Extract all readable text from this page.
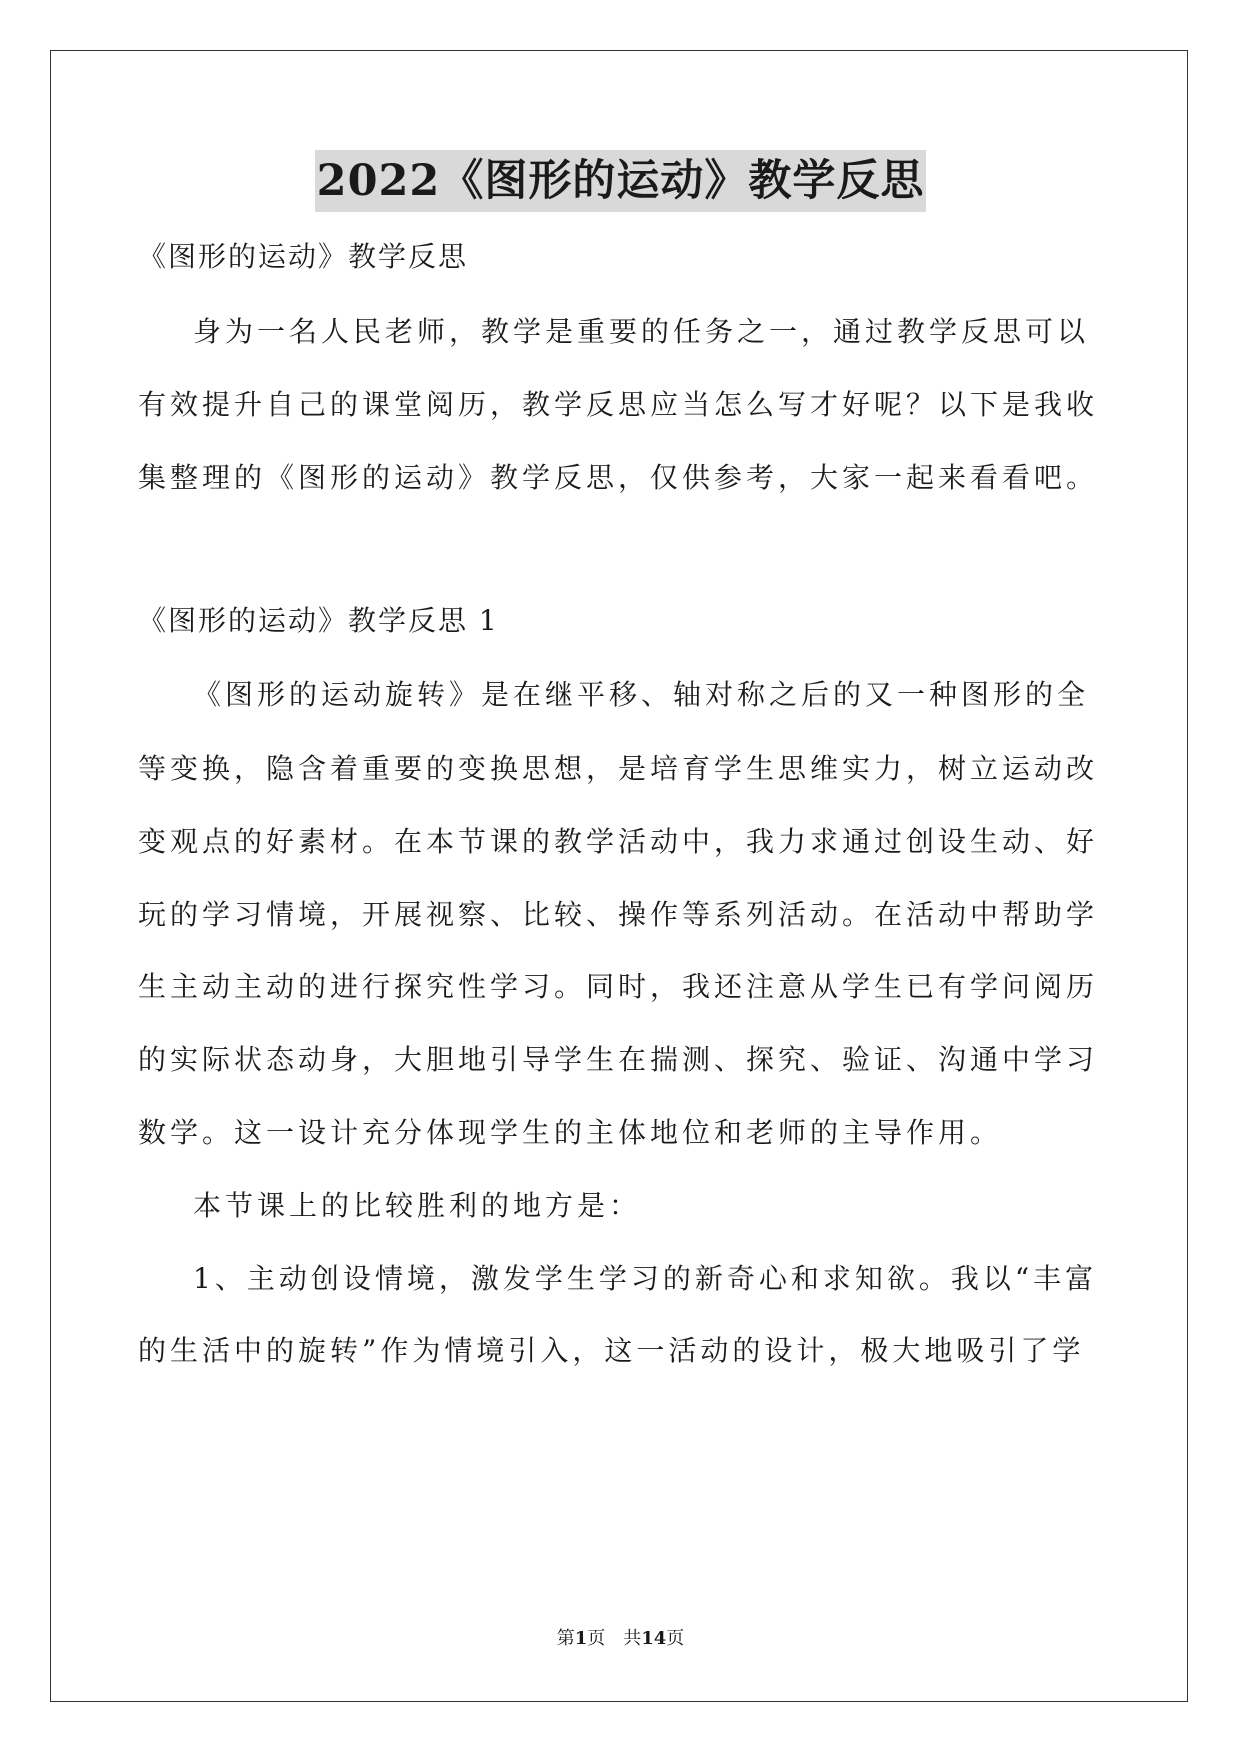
2022《图形的运动》教学反思
《图形的运动》教学反思
身为一名人民老师，教学是重要的任务之一，通过教学反思可以
有效提升自己的课堂阅历，教学反思应当怎么写才好呢？以下是我收
集整理的《图形的运动》教学反思，仅供参考，大家一起来看看吧。
《图形的运动》教学反思 1
《图形的运动旋转》是在继平移、轴对称之后的又一种图形的全
等变换，隐含着重要的变换思想，是培育学生思维实力，树立运动改
变观点的好素材。在本节课的教学活动中，我力求通过创设生动、好
玩的学习情境，开展视察、比较、操作等系列活动。在活动中帮助学
生主动主动的进行探究性学习。同时，我还注意从学生已有学问阅历
的实际状态动身，大胆地引导学生在揣测、探究、验证、沟通中学习
数学。这一设计充分体现学生的主体地位和老师的主导作用。
本节课上的比较胜利的地方是：
1、主动创设情境，激发学生学习的新奇心和求知欲。我以“丰富
的生活中的旋转”作为情境引入，这一活动的设计，极大地吸引了学
第1页　共14页
